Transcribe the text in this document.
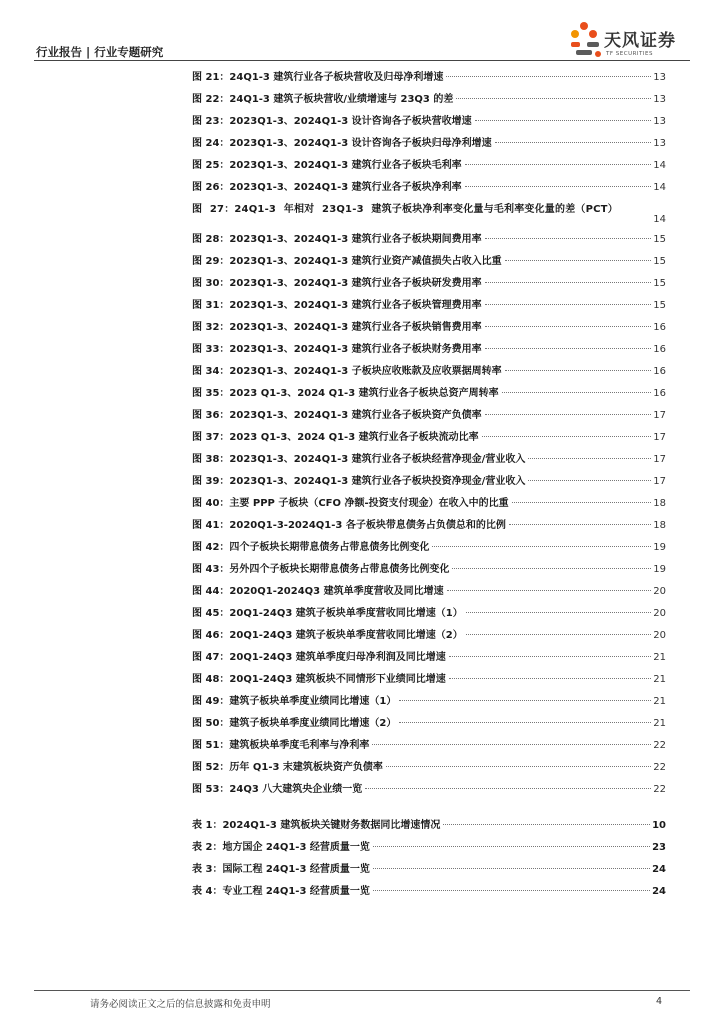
行业报告 | 行业专题研究
天风证券
TF SECURITIES
图 21：24Q1-3 建筑行业各子板块营收及归母净利增速	13
图 22：24Q1-3 建筑子板块营收/业绩增速与 23Q3 的差	13
图 23：2023Q1-3、2024Q1-3 设计咨询各子板块营收增速	13
图 24：2023Q1-3、2024Q1-3 设计咨询各子板块归母净利增速	13
图 25：2023Q1-3、2024Q1-3 建筑行业各子板块毛利率	14
图 26：2023Q1-3、2024Q1-3 建筑行业各子板块净利率	14
图 27：24Q1-3 年相对 23Q1-3 建筑子板块净利率变化量与毛利率变化量的差（PCT）
14
图 28：2023Q1-3、2024Q1-3 建筑行业各子板块期间费用率	15
图 29：2023Q1-3、2024Q1-3 建筑行业资产减值损失占收入比重	15
图 30：2023Q1-3、2024Q1-3 建筑行业各子板块研发费用率	15
图 31：2023Q1-3、2024Q1-3 建筑行业各子板块管理费用率	15
图 32：2023Q1-3、2024Q1-3 建筑行业各子板块销售费用率	16
图 33：2023Q1-3、2024Q1-3 建筑行业各子板块财务费用率	16
图 34：2023Q1-3、2024Q1-3 子板块应收账款及应收票据周转率	16
图 35：2023 Q1-3、2024 Q1-3 建筑行业各子板块总资产周转率	16
图 36：2023Q1-3、2024Q1-3 建筑行业各子板块资产负债率	17
图 37：2023 Q1-3、2024 Q1-3 建筑行业各子板块流动比率	17
图 38：2023Q1-3、2024Q1-3 建筑行业各子板块经营净现金/营业收入	17
图 39：2023Q1-3、2024Q1-3 建筑行业各子板块投资净现金/营业收入	17
图 40：主要 PPP 子板块（CFO 净额-投资支付现金）在收入中的比重	18
图 41：2020Q1-3-2024Q1-3 各子板块带息债务占负债总和的比例	18
图 42：四个子板块长期带息债务占带息债务比例变化	19
图 43：另外四个子板块长期带息债务占带息债务比例变化	19
图 44：2020Q1-2024Q3 建筑单季度营收及同比增速	20
图 45：20Q1-24Q3 建筑子板块单季度营收同比增速（1）	20
图 46：20Q1-24Q3 建筑子板块单季度营收同比增速（2）	20
图 47：20Q1-24Q3 建筑单季度归母净利润及同比增速	21
图 48：20Q1-24Q3 建筑板块不同情形下业绩同比增速	21
图 49：建筑子板块单季度业绩同比增速（1）	21
图 50：建筑子板块单季度业绩同比增速（2）	21
图 51：建筑板块单季度毛利率与净利率	22
图 52：历年 Q1-3 末建筑板块资产负债率	22
图 53：24Q3 八大建筑央企业绩一览	22
表 1：2024Q1-3 建筑板块关键财务数据同比增速情况	10
表 2：地方国企 24Q1-3 经营质量一览	23
表 3：国际工程 24Q1-3 经营质量一览	24
表 4：专业工程 24Q1-3 经营质量一览	24
请务必阅读正文之后的信息披露和免责申明	4
